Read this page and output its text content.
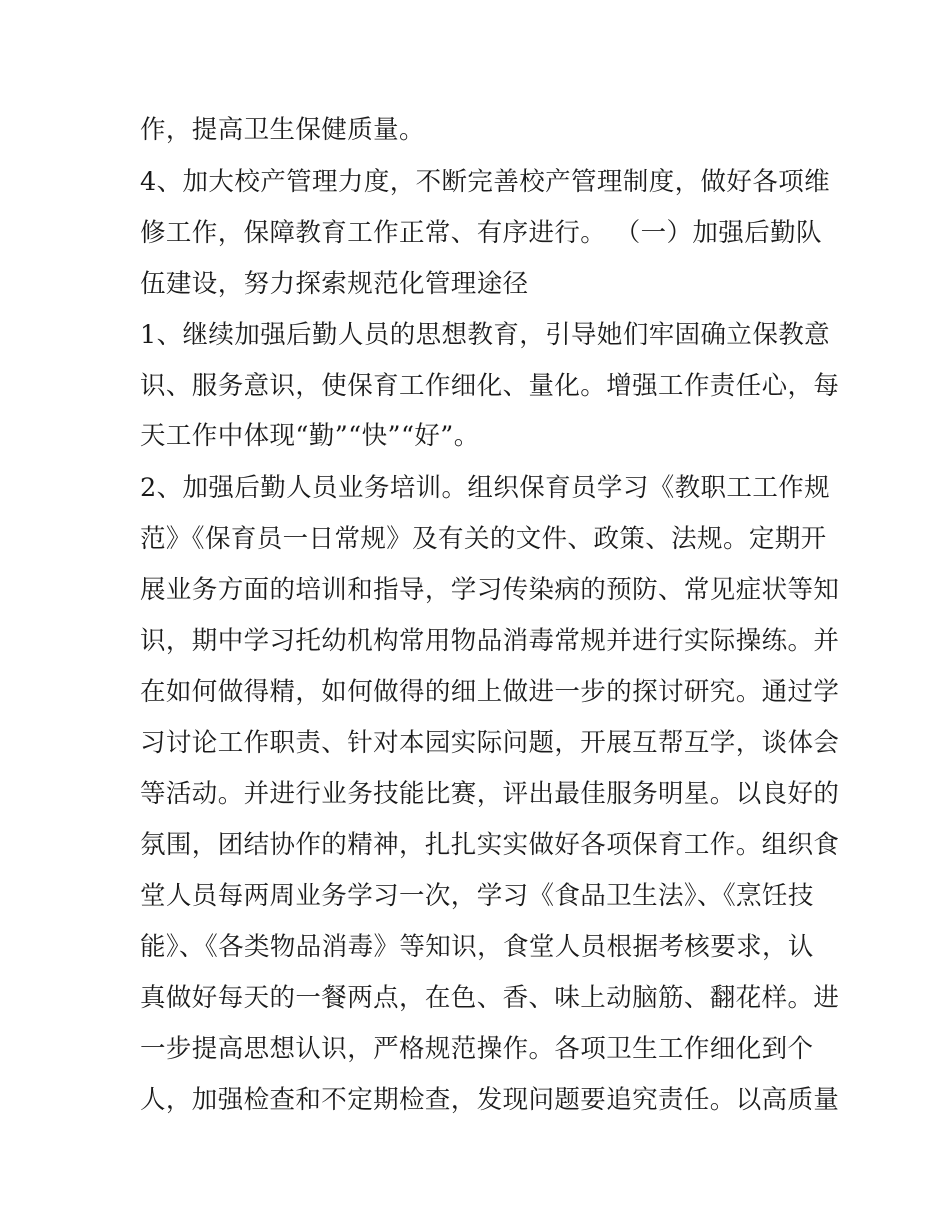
作，提高卫生保健质量。

4、加大校产管理力度，不断完善校产管理制度，做好各项维

修工作，保障教育工作正常、有序进行。 （一）加强后勤队

伍建设，努力探索规范化管理途径

1、继续加强后勤人员的思想教育，引导她们牢固确立保教意

识、服务意识，使保育工作细化、量化。增强工作责任心，每

天工作中体现“勤”“快”“好”。

2、加强后勤人员业务培训。组织保育员学习《教职工工作规

范》《保育员一日常规》及有关的文件、政策、法规。定期开

展业务方面的培训和指导，学习传染病的预防、常见症状等知

识，期中学习托幼机构常用物品消毒常规并进行实际操练。并

在如何做得精，如何做得的细上做进一步的探讨研究。通过学

习讨论工作职责、针对本园实际问题，开展互帮互学，谈体会

等活动。并进行业务技能比赛，评出最佳服务明星。以良好的

氛围，团结协作的精神，扎扎实实做好各项保育工作。组织食

堂人员每两周业务学习一次，学习《食品卫生法》、《烹饪技

能》、《各类物品消毒》等知识，食堂人员根据考核要求，认

真做好每天的一餐两点，在色、香、味上动脑筋、翻花样。进

一步提高思想认识，严格规范操作。各项卫生工作细化到个

人，加强检查和不定期检查，发现问题要追究责任。以高质量
